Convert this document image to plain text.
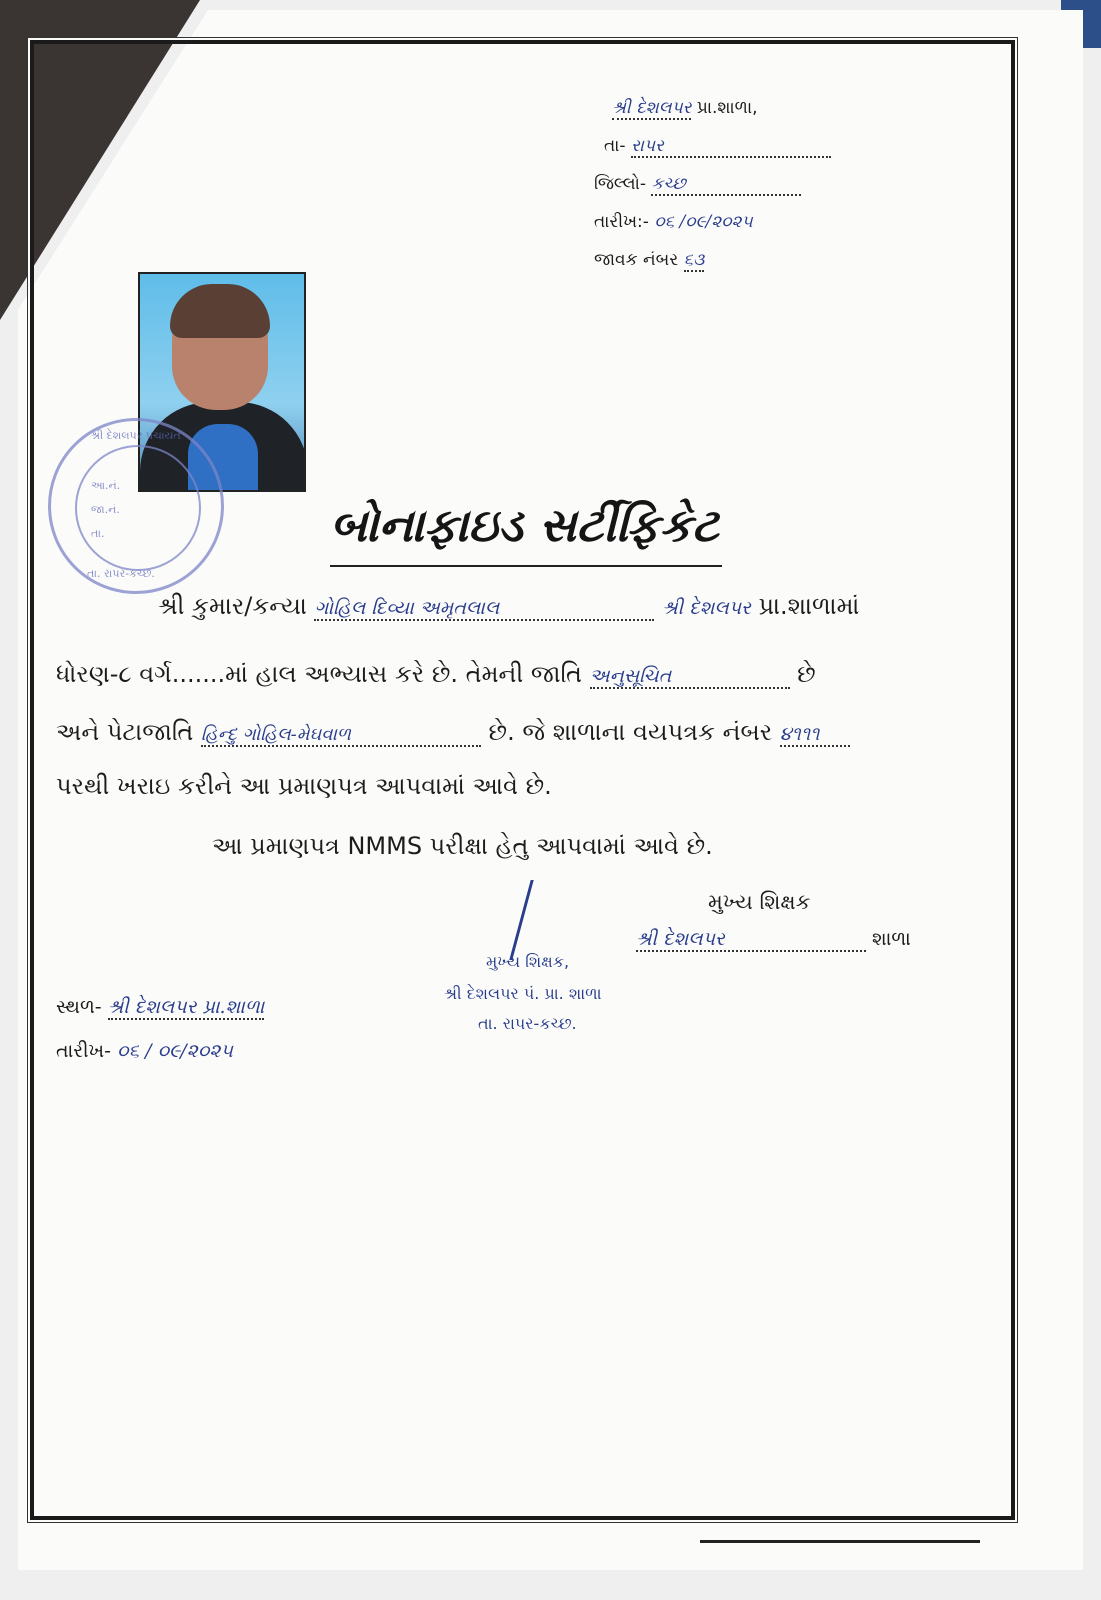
શ્રી દેશલપર પ્રા.શાળા,
તા- રાપર
જિલ્લો- કચ્છ
તારીખ:- ૦૬ /૦૯/૨૦૨૫
જાવક નંબર ૬૩
શ્રી દેશલપર પંચાયત
આ.નં.
જા.નં.
તા.
તા. રાપર-કચ્છ.
બોનાફાઇડ સર્ટીફિકેટ
શ્રી કુમાર/કન્યા ગોહિલ દિવ્યા અમૃતલાલ	શ્રી દેશલપર પ્રા.શાળામાં
ધોરણ-૮ વર્ગ.......માં હાલ અભ્યાસ કરે છે. તેમની જાતિ અનુસૂચિત	છે
અને પેટાજાતિ હિન્દુ ગોહિલ-મેઘવાળ	છે. જે શાળાના વયપત્રક નંબર ૪૧૧૧
પરથી ખરાઇ કરીને આ પ્રમાણપત્ર આપવામાં આવે છે.
આ પ્રમાણપત્ર NMMS પરીક્ષા હેતુ આપવામાં આવે છે.
મુખ્ય શિક્ષક
શ્રી દેશલપર	શાળા
મુખ્ય શિક્ષક,
શ્રી દેશલપર પં. પ્રા. શાળા
તા. રાપર-કચ્છ.
સ્થળ- શ્રી દેશલપર પ્રા.શાળા
તારીખ- ૦૬ / ૦૯/૨૦૨૫
